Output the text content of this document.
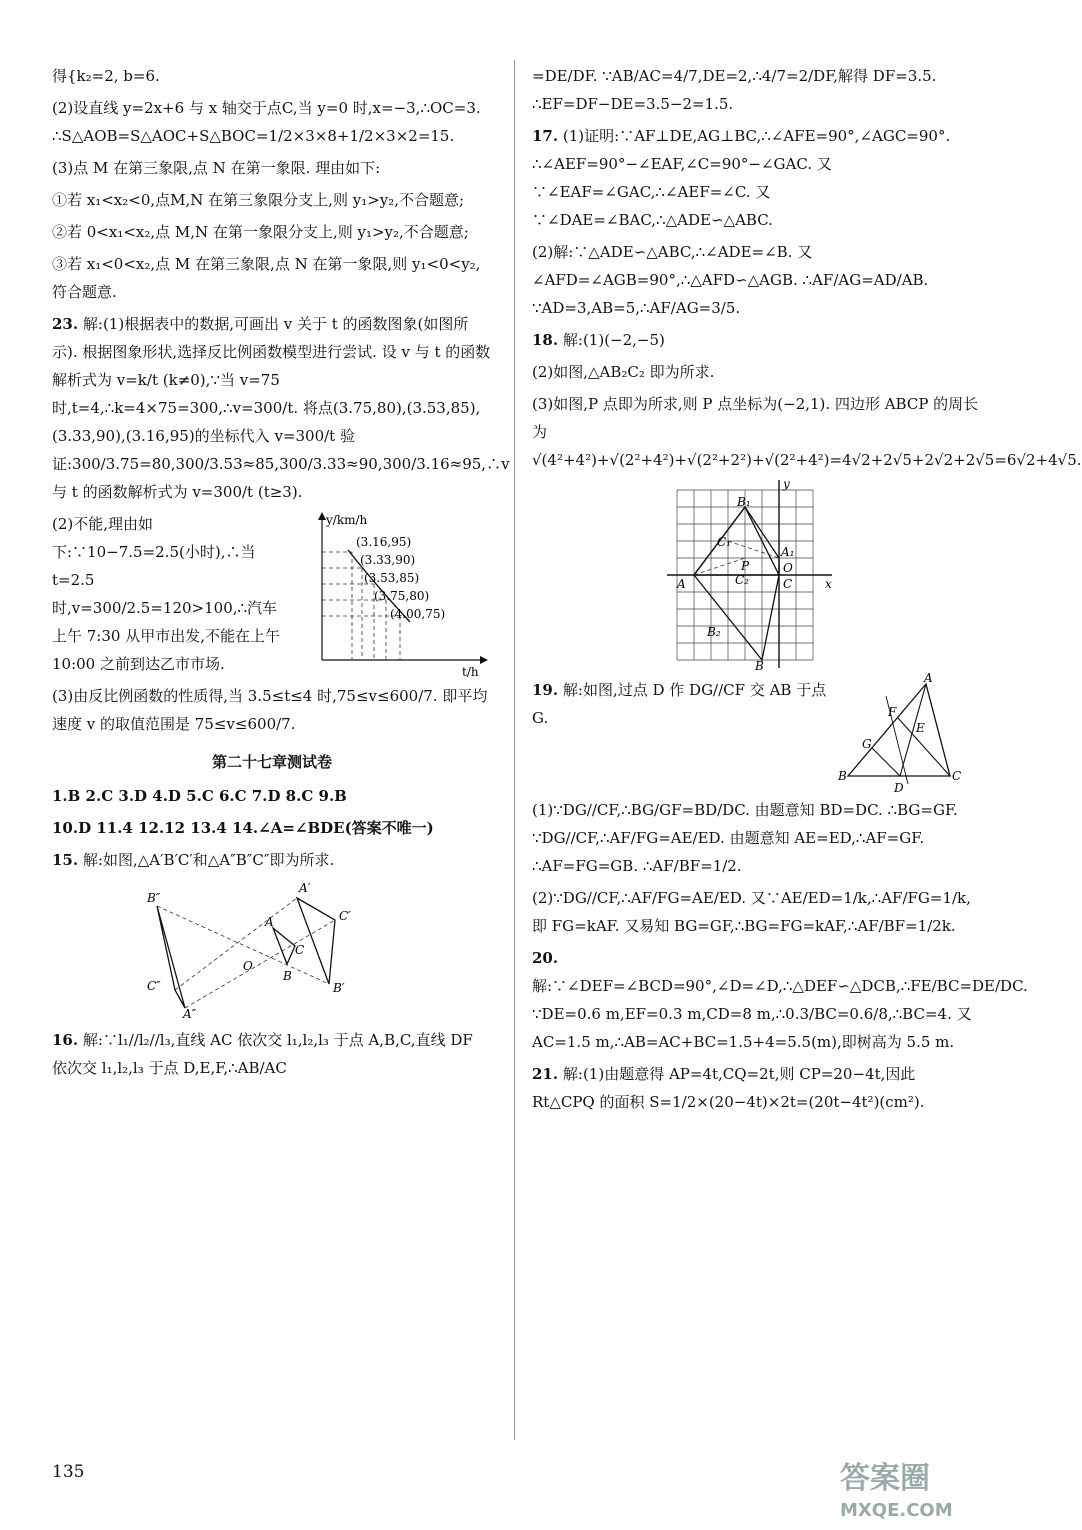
得{k₂=2, b=6.

(2)设直线 y=2x+6 与 x 轴交于点C,当 y=0 时,x=−3,∴OC=3. ∴S△AOB=S△AOC+S△BOC=1/2×3×8+1/2×3×2=15.

(3)点 M 在第三象限,点 N 在第一象限. 理由如下:

①若 x₁<x₂<0,点M,N 在第三象限分支上,则 y₁>y₂,不合题意;

②若 0<x₁<x₂,点 M,N 在第一象限分支上,则 y₁>y₂,不合题意;

③若 x₁<0<x₂,点 M 在第三象限,点 N 在第一象限,则 y₁<0<y₂,符合题意.

23. 解:(1)根据表中的数据,可画出 v 关于 t 的函数图象(如图所示). 根据图象形状,选择反比例函数模型进行尝试. 设 v 与 t 的函数解析式为 v=k/t (k≠0),∵当 v=75 时,t=4,∴k=4×75=300,∴v=300/t. 将点(3.75,80),(3.53,85),(3.33,90),(3.16,95)的坐标代入 v=300/t 验证:300/3.75=80,300/3.53≈85,300/3.33≈90,300/3.16≈95,∴v 与 t 的函数解析式为 v=300/t (t≥3).

(2)不能,理由如下:∵10−7.5=2.5(小时),∴当 t=2.5 时,v=300/2.5=120>100,∴汽车上午 7:30 从甲市出发,不能在上午 10:00 之前到达乙市市场.

y/km/h
t/h
(3.16,95)
(3.33,90)
(3.53,85)
(3.75,80)
(4.00,75)

(3)由反比例函数的性质得,当 3.5≤t≤4 时,75≤v≤600/7. 即平均速度 v 的取值范围是 75≤v≤600/7.

第二十七章测试卷

1.B 2.C 3.D 4.D 5.C 6.C 7.D 8.C 9.B

10.D 11.4 12.12 13.4 14.∠A=∠BDE(答案不唯一)

15. 解:如图,△A′B′C′和△A″B″C″即为所求.

A′
B″
C′
A
C
O
B
B′
C″
A″

16. 解:∵l₁//l₂//l₃,直线 AC 依次交 l₁,l₂,l₃ 于点 A,B,C,直线 DF 依次交 l₁,l₂,l₃ 于点 D,E,F,∴AB/AC

=DE/DF. ∵AB/AC=4/7,DE=2,∴4/7=2/DF,解得 DF=3.5. ∴EF=DF−DE=3.5−2=1.5.

17. (1)证明:∵AF⊥DE,AG⊥BC,∴∠AFE=90°,∠AGC=90°. ∴∠AEF=90°−∠EAF,∠C=90°−∠GAC. 又∵∠EAF=∠GAC,∴∠AEF=∠C. 又∵∠DAE=∠BAC,∴△ADE∽△ABC.

(2)解:∵△ADE∽△ABC,∴∠ADE=∠B. 又∠AFD=∠AGB=90°,∴△AFD∽△AGB. ∴AF/AG=AD/AB. ∵AD=3,AB=5,∴AF/AG=3/5.

18. 解:(1)(−2,−5)

(2)如图,△AB₂C₂ 即为所求.

(3)如图,P 点即为所求,则 P 点坐标为(−2,1). 四边形 ABCP 的周长为 √(4²+4²)+√(2²+4²)+√(2²+2²)+√(2²+4²)=4√2+2√5+2√2+2√5=6√2+4√5.

y
B₁
C₁
A₁
P	O
C₂	C	x
A
B₂
B

19. 解:如图,过点 D 作 DG//CF 交 AB 于点 G.

A
F
E
G
B
D
C

(1)∵DG//CF,∴BG/GF=BD/DC. 由题意知 BD=DC. ∴BG=GF. ∵DG//CF,∴AF/FG=AE/ED. 由题意知 AE=ED,∴AF=GF. ∴AF=FG=GB. ∴AF/BF=1/2.

(2)∵DG//CF,∴AF/FG=AE/ED. 又∵AE/ED=1/k,∴AF/FG=1/k,即 FG=kAF. 又易知 BG=GF,∴BG=FG=kAF,∴AF/BF=1/2k.

20. 解:∵∠DEF=∠BCD=90°,∠D=∠D,∴△DEF∽△DCB,∴FE/BC=DE/DC. ∵DE=0.6 m,EF=0.3 m,CD=8 m,∴0.3/BC=0.6/8,∴BC=4. 又 AC=1.5 m,∴AB=AC+BC=1.5+4=5.5(m),即树高为 5.5 m.

21. 解:(1)由题意得 AP=4t,CQ=2t,则 CP=20−4t,因此 Rt△CPQ 的面积 S=1/2×(20−4t)×2t=(20t−4t²)(cm²).

135	答案圈
MXQE.COM
